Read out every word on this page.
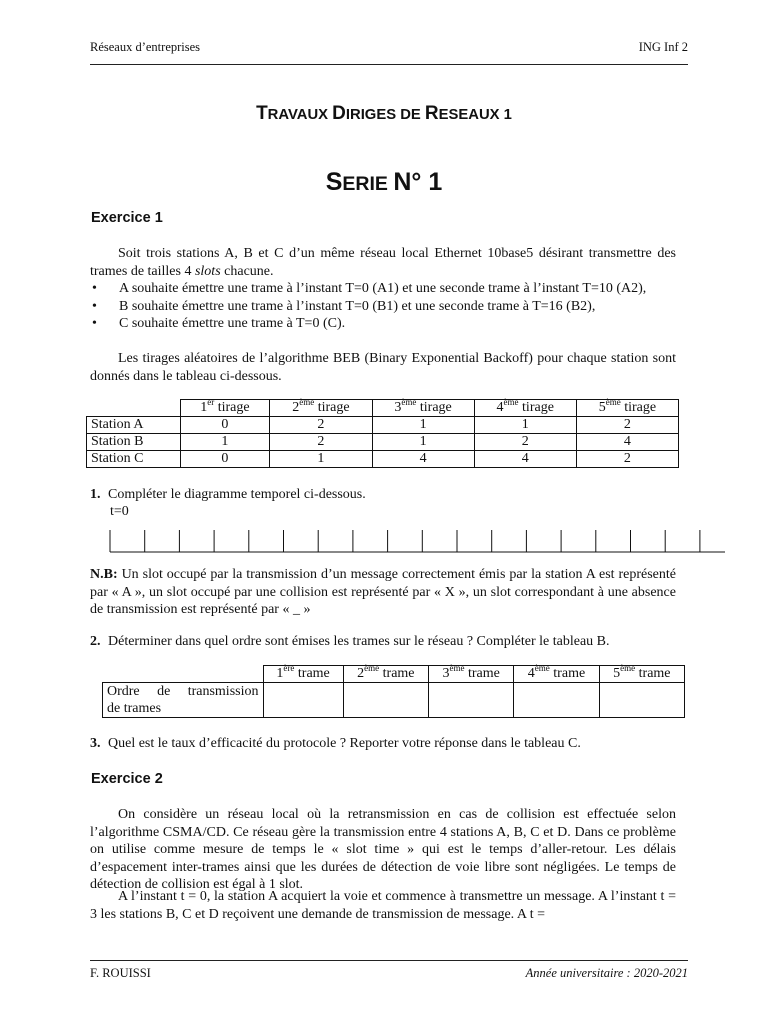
Réseaux d’entreprises	ING Inf 2
TRAVAUX DIRIGES DE RESEAUX 1
SERIE N° 1
Exercice 1

Soit trois stations A, B et C d’un même réseau local Ethernet 10base5 désirant transmettre des trames de tailles 4 slots chacune.

• A souhaite émettre une trame à l’instant T=0 (A1) et une seconde trame à l’instant T=10 (A2),
• B souhaite émettre une trame à l’instant T=0 (B1) et une seconde trame à T=16 (B2),
• C souhaite émettre une trame à T=0 (C).

Les tirages aléatoires de l’algorithme BEB (Binary Exponential Backoff) pour chaque station sont donnés dans le tableau ci-dessous.

	1er tirage	2ème tirage	3ème tirage	4ème tirage	5ème tirage
Station A	0	2	1	1	2
Station B	1	2	1	2	4
Station C	0	1	4	4	2
1. Compléter le diagramme temporel ci-dessous.
t=0
N.B: Un slot occupé par la transmission d’un message correctement émis par la station A est représenté par « A », un slot occupé par une collision est représenté par « X », un slot correspondant à une absence de transmission est représenté par « _ »
2. Déterminer dans quel ordre sont émises les trames sur le réseau ? Compléter le tableau B.
	1ère trame	2ème trame	3ème trame	4ème trame	5ème trame

Ordre de transmission
de trames					

3. Quel est le taux d’efficacité du protocole ? Reporter votre réponse dans le tableau C.
Exercice 2

On considère un réseau local où la retransmission en cas de collision est effectuée selon l’algorithme CSMA/CD. Ce réseau gère la transmission entre 4 stations A, B, C et D. Dans ce problème on utilise comme mesure de temps le « slot time » qui est le temps d’aller-retour. Les délais d’espacement inter-trames ainsi que les durées de détection de voie libre sont négligées. Le temps de détection de collision est égal à 1 slot.

A l’instant t = 0, la station A acquiert la voie et commence à transmettre un message. A l’instant t = 3 les stations B, C et D reçoivent une demande de transmission de message. A t =

F. ROUISSI	Année universitaire : 2020-2021
